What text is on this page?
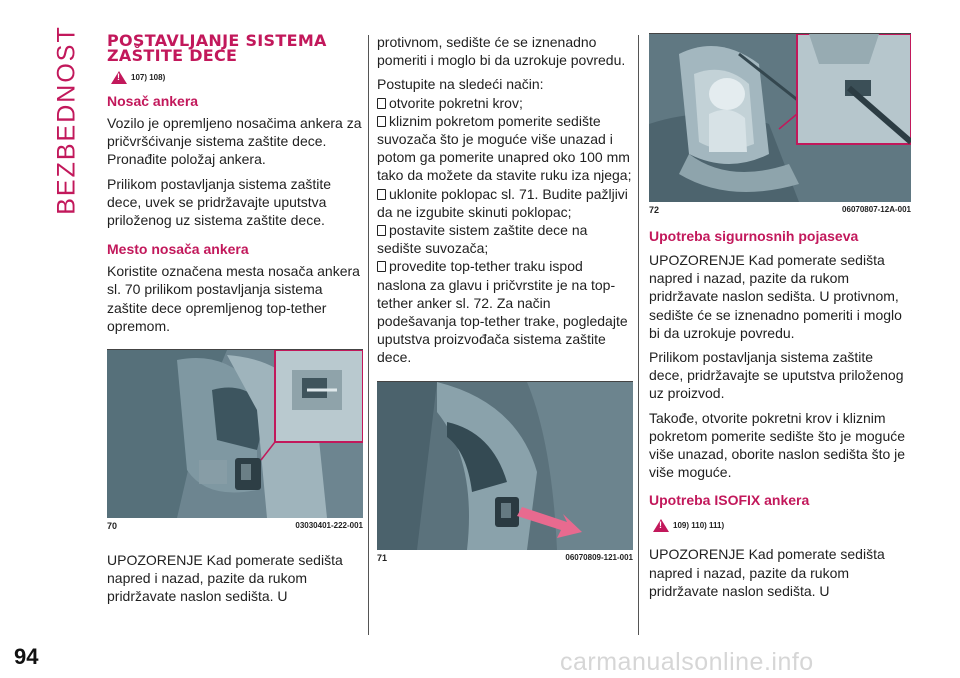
BEZBEDNOST
94	carmanualsonline.info
POSTAVLJANJE SISTEMA
ZAŠTITE DECE
!
107) 108)
Nosač ankera
Vozilo je opremljeno nosačima ankera za pričvršćivanje sistema zaštite dece. Pronađite položaj ankera.
Prilikom postavljanja sistema zaštite dece, uvek se pridržavajte uputstva priloženog uz sistema zaštite dece.
Mesto nosača ankera
Koristite označena mesta nosača ankera sl. 70 prilikom postavljanja sistema zaštite dece opremljenog top-tether opremom.
70	03030401-222-001
UPOZORENJE Kad pomerate sedišta napred i nazad, pazite da rukom pridržavate naslon sedišta. U
protivnom, sedište će se iznenadno pomeriti i moglo bi da uzrokuje povredu.
Postupite na sledeći način:
otvorite pokretni krov;
kliznim pokretom pomerite sedište suvozača što je moguće više unazad i potom ga pomerite unapred oko 100 mm tako da možete da stavite ruku iza njega;
uklonite poklopac sl. 71. Budite pažljivi da ne izgubite skinuti poklopac;
postavite sistem zaštite dece na sedište suvozača;
provedite top-tether traku ispod naslona za glavu i pričvrstite je na top-tether anker sl. 72. Za način podešavanja top-tether trake, pogledajte uputstva proizvođača sistema zaštite dece.
71	06070809-121-001
72	06070807-12A-001
Upotreba sigurnosnih pojaseva
UPOZORENJE Kad pomerate sedišta napred i nazad, pazite da rukom pridržavate naslon sedišta. U protivnom, sedište će se iznenadno pomeriti i moglo bi da uzrokuje povredu.
Prilikom postavljanja sistema zaštite dece, pridržavajte se uputstva priloženog uz proizvod.
Takođe, otvorite pokretni krov i kliznim pokretom pomerite sedište što je moguće više unazad, oborite naslon sedišta što je više moguće.
Upotreba ISOFIX ankera
!
109) 110) 111)
UPOZORENJE Kad pomerate sedišta napred i nazad, pazite da rukom pridržavate naslon sedišta. U
